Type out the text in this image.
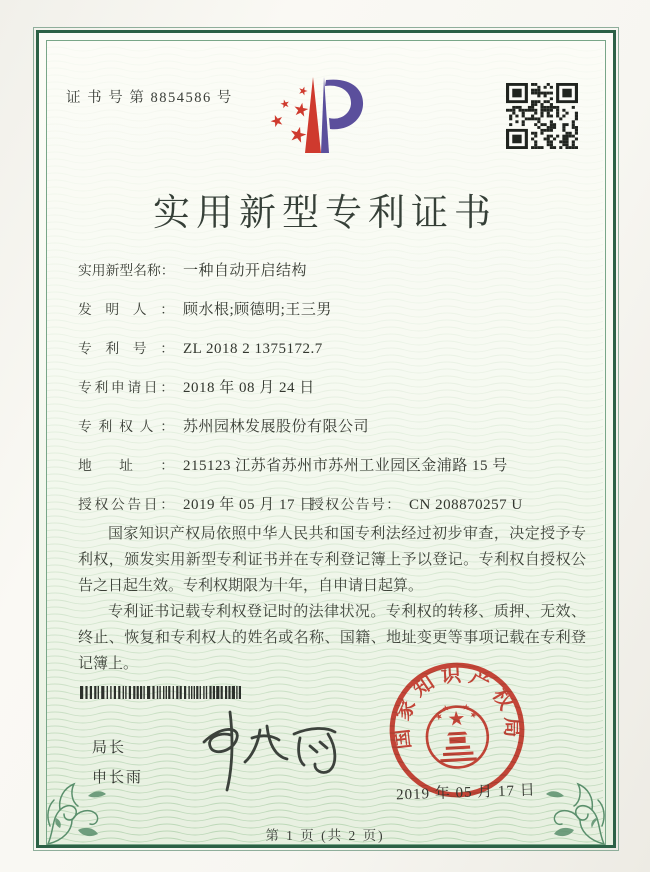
证 书 号 第 8854586 号
实用新型专利证书
实用新型名称： 一种自动开启结构
发明人： 顾水根;顾德明;王三男
专利号： ZL 2018 2 1375172.7
专利申请日： 2018 年 08 月 24 日
专利权人： 苏州园林发展股份有限公司
地址： 215123 江苏省苏州市苏州工业园区金浦路 15 号
授权公告日： 2019 年 05 月 17 日
授权公告号： CN 208870257 U

国家知识产权局依照中华人民共和国专利法经过初步审查，决定授予专利权，颁发实用新型专利证书并在专利登记簿上予以登记。专利权自授权公告之日起生效。专利权期限为十年，自申请日起算。

专利证书记载专利权登记时的法律状况。专利权的转移、质押、无效、终止、恢复和专利权人的姓名或名称、国籍、地址变更等事项记载在专利登记簿上。

局长
申长雨
国家知识产权局
2019 年 05 月 17 日
第 1 页 (共 2 页)
